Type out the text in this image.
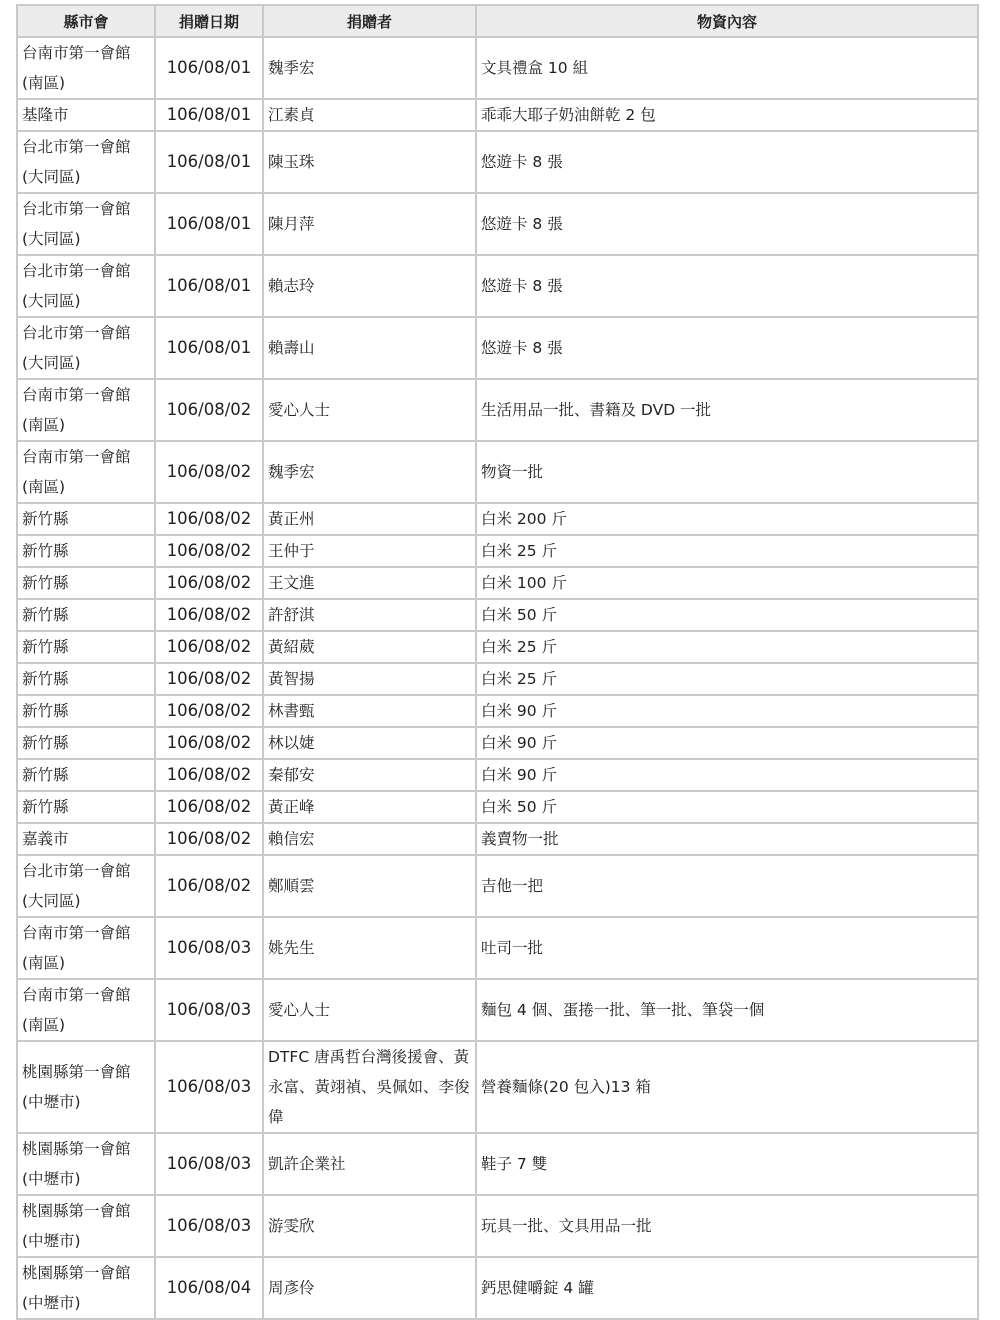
縣市會	捐贈日期	捐贈者	物資內容
台南市第一會館(南區)	106/08/01	魏季宏	文具禮盒 10 組
基隆市	106/08/01	江素貞	乖乖大耶子奶油餅乾 2 包
台北市第一會館(大同區)	106/08/01	陳玉珠	悠遊卡 8 張
台北市第一會館(大同區)	106/08/01	陳月萍	悠遊卡 8 張
台北市第一會館(大同區)	106/08/01	賴志玲	悠遊卡 8 張
台北市第一會館(大同區)	106/08/01	賴壽山	悠遊卡 8 張
台南市第一會館(南區)	106/08/02	愛心人士	生活用品一批、書籍及 DVD 一批
台南市第一會館(南區)	106/08/02	魏季宏	物資一批
新竹縣	106/08/02	黃正州	白米 200 斤
新竹縣	106/08/02	王仲于	白米 25 斤
新竹縣	106/08/02	王文進	白米 100 斤
新竹縣	106/08/02	許舒淇	白米 50 斤
新竹縣	106/08/02	黃紹葳	白米 25 斤
新竹縣	106/08/02	黃智揚	白米 25 斤
新竹縣	106/08/02	林書甄	白米 90 斤
新竹縣	106/08/02	林以婕	白米 90 斤
新竹縣	106/08/02	秦郁安	白米 90 斤
新竹縣	106/08/02	黃正峰	白米 50 斤
嘉義市	106/08/02	賴信宏	義賣物一批
台北市第一會館(大同區)	106/08/02	鄭順雲	吉他一把
台南市第一會館(南區)	106/08/03	姚先生	吐司一批
台南市第一會館(南區)	106/08/03	愛心人士	麵包 4 個、蛋捲一批、筆一批、筆袋一個
桃園縣第一會館(中壢市)	106/08/03	DTFC 唐禹哲台灣後援會、黃永富、黃翊禎、吳佩如、李俊偉	營養麵條(20 包入)13 箱
桃園縣第一會館(中壢市)	106/08/03	凱許企業社	鞋子 7 雙
桃園縣第一會館(中壢市)	106/08/03	游雯欣	玩具一批、文具用品一批
桃園縣第一會館(中壢市)	106/08/04	周彥伶	鈣思健嚼錠 4 罐
